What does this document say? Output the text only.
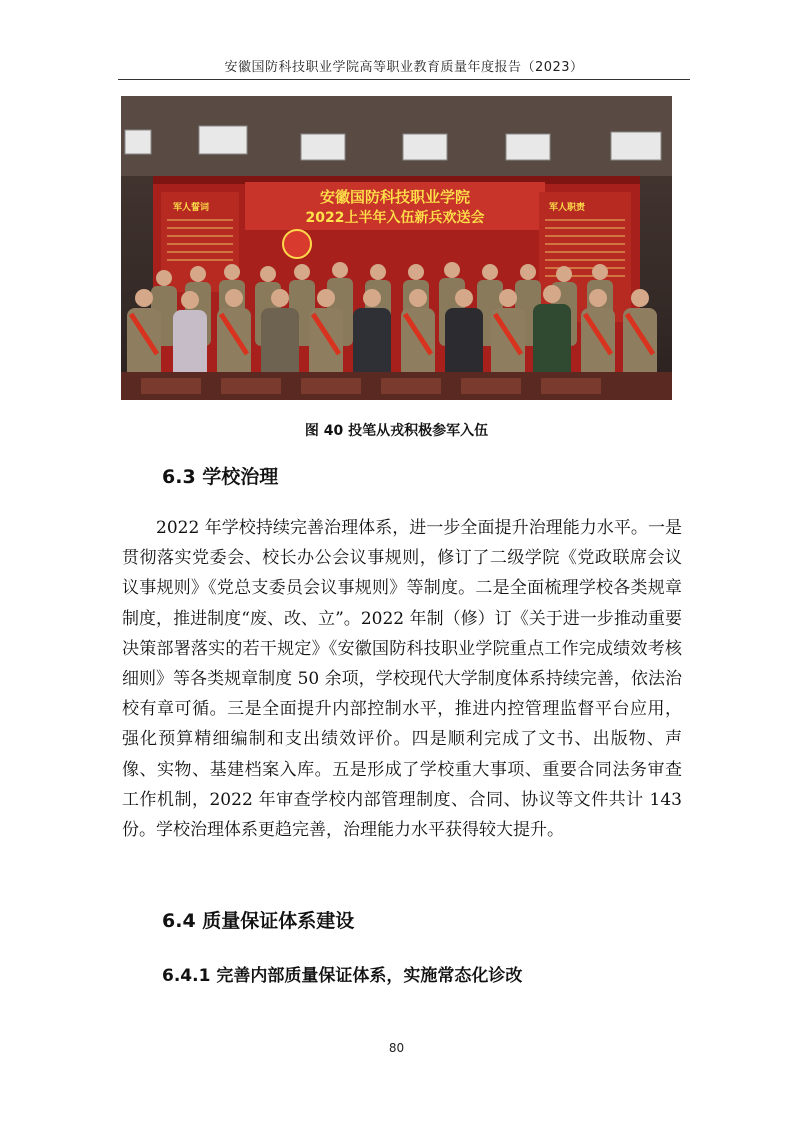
安徽国防科技职业学院高等职业教育质量年度报告（2023）
安徽国防科技职业学院
2022上半年入伍新兵欢送会
军人誓词	军人职责
图 40 投笔从戎积极参军入伍
6.3 学校治理
2022 年学校持续完善治理体系，进一步全面提升治理能力水平。一是贯彻落实党委会、校长办公会议事规则，修订了二级学院《党政联席会议议事规则》《党总支委员会议事规则》等制度。二是全面梳理学校各类规章制度，推进制度“废、改、立”。2022 年制（修）订《关于进一步推动重要决策部署落实的若干规定》《安徽国防科技职业学院重点工作完成绩效考核细则》等各类规章制度 50 余项，学校现代大学制度体系持续完善，依法治校有章可循。三是全面提升内部控制水平，推进内控管理监督平台应用，强化预算精细编制和支出绩效评价。四是顺利完成了文书、出版物、声像、实物、基建档案入库。五是形成了学校重大事项、重要合同法务审查工作机制，2022 年审查学校内部管理制度、合同、协议等文件共计 143 份。学校治理体系更趋完善，治理能力水平获得较大提升。
6.4 质量保证体系建设
6.4.1 完善内部质量保证体系，实施常态化诊改
80
